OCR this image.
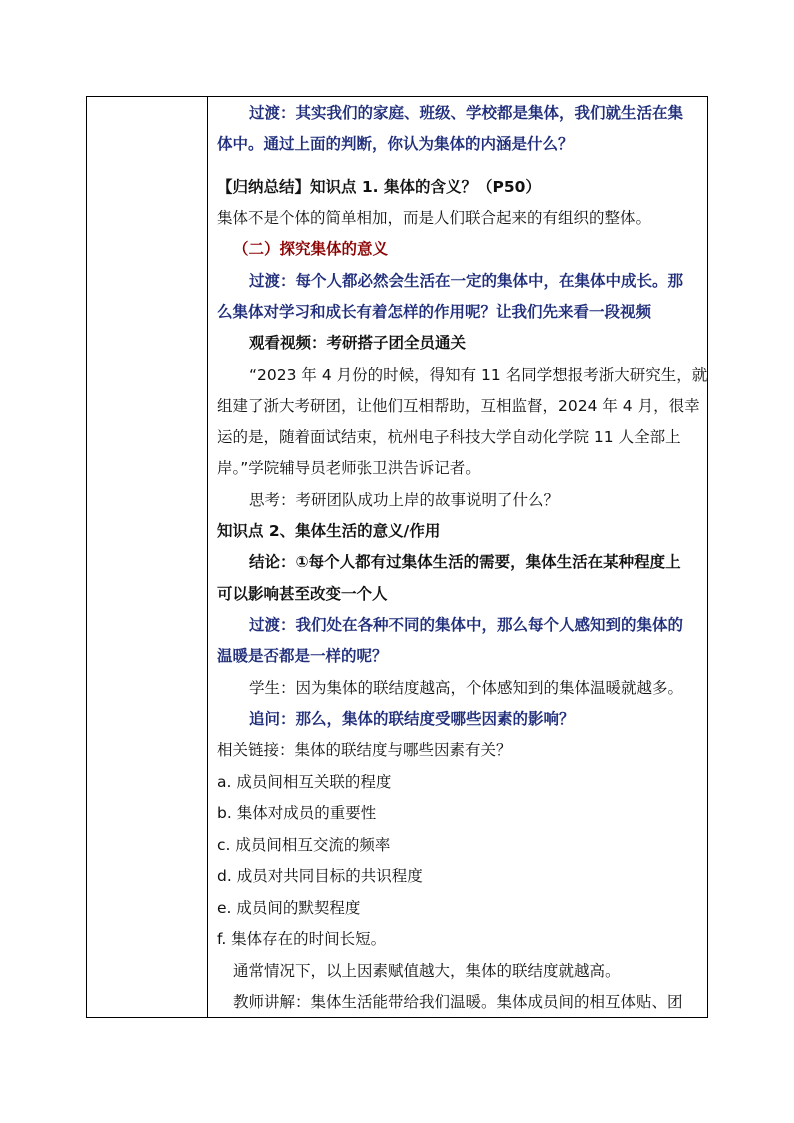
过渡：其实我们的家庭、班级、学校都是集体，我们就生活在集
体中。通过上面的判断，你认为集体的内涵是什么？
【归纳总结】知识点 1. 集体的含义？（P50）
集体不是个体的简单相加，而是人们联合起来的有组织的整体。
（二）探究集体的意义
过渡：每个人都必然会生活在一定的集体中，在集体中成长。那
么集体对学习和成长有着怎样的作用呢？让我们先来看一段视频
观看视频：考研搭子团全员通关
“2023 年 4 月份的时候，得知有 11 名同学想报考浙大研究生，就
组建了浙大考研团，让他们互相帮助，互相监督，2024 年 4 月，很幸
运的是，随着面试结束，杭州电子科技大学自动化学院 11 人全部上
岸。”学院辅导员老师张卫洪告诉记者。
思考：考研团队成功上岸的故事说明了什么？
知识点 2、集体生活的意义/作用
结论：①每个人都有过集体生活的需要，集体生活在某种程度上
可以影响甚至改变一个人
过渡：我们处在各种不同的集体中，那么每个人感知到的集体的
温暖是否都是一样的呢？
学生：因为集体的联结度越高，个体感知到的集体温暖就越多。
追问：那么，集体的联结度受哪些因素的影响？
相关链接：集体的联结度与哪些因素有关？
a. 成员间相互关联的程度
b. 集体对成员的重要性
c. 成员间相互交流的频率
d. 成员对共同目标的共识程度
e. 成员间的默契程度
f. 集体存在的时间长短。
通常情况下，以上因素赋值越大，集体的联结度就越高。
教师讲解：集体生活能带给我们温暖。集体成员间的相互体贴、团
